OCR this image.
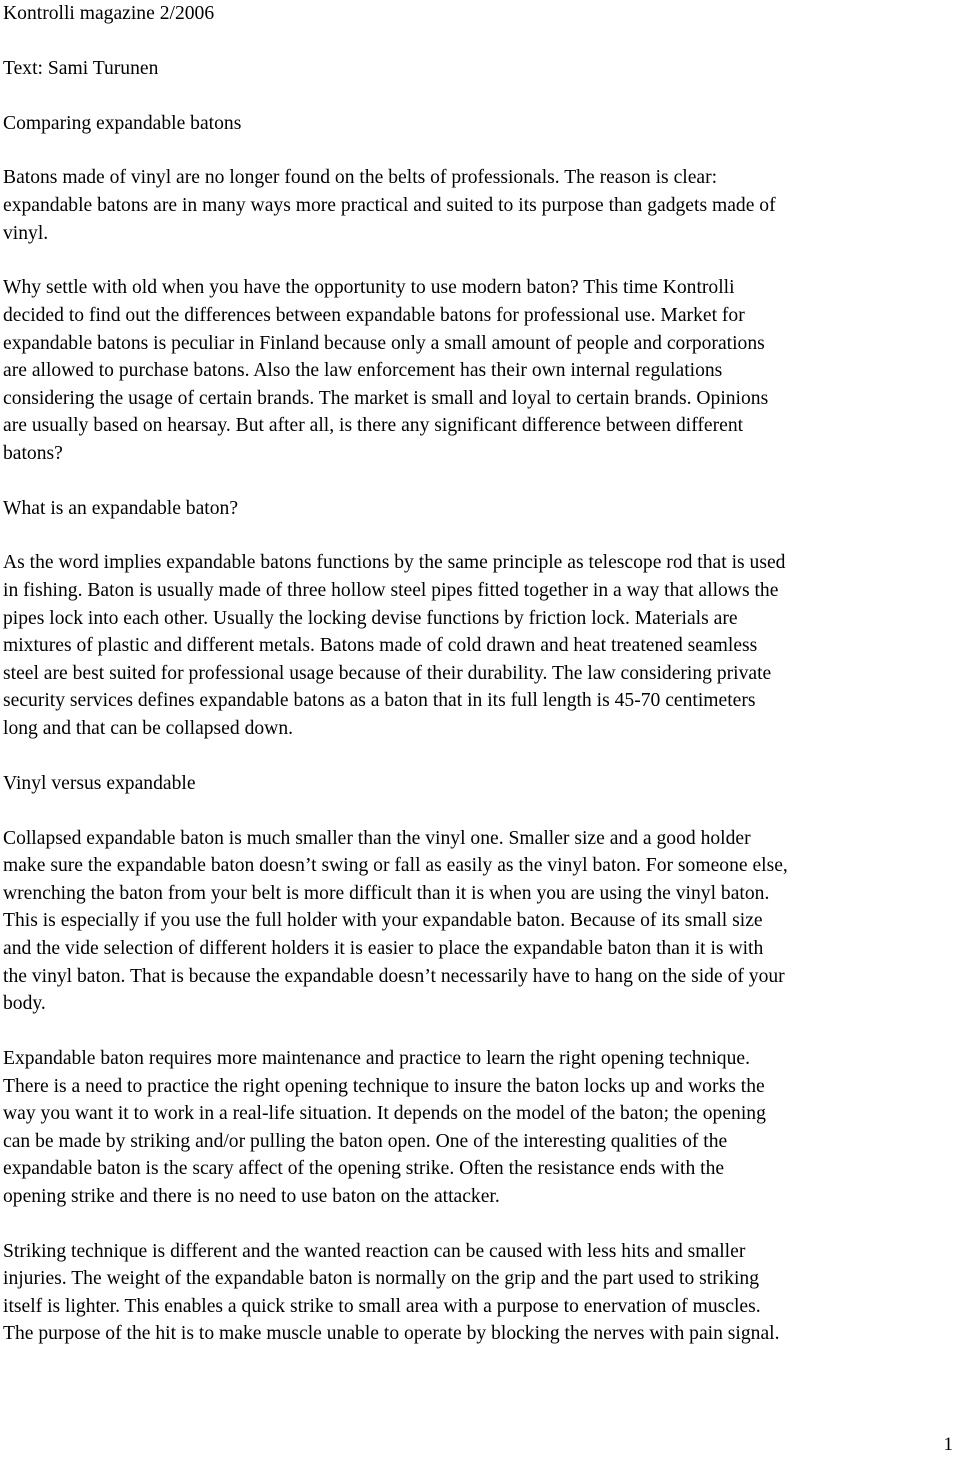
Kontrolli magazine 2/2006

Text: Sami Turunen

Comparing expandable batons

Batons made of vinyl are no longer found on the belts of professionals. The reason is clear:
expandable batons are in many ways more practical and suited to its purpose than gadgets made of
vinyl.

Why settle with old when you have the opportunity to use modern baton? This time Kontrolli
decided to find out the differences between expandable batons for professional use. Market for
expandable batons is peculiar in Finland because only a small amount of people and corporations
are allowed to purchase batons. Also the law enforcement has their own internal regulations
considering the usage of certain brands. The market is small and loyal to certain brands. Opinions
are usually based on hearsay. But after all, is there any significant difference between different
batons?

What is an expandable baton?

As the word implies expandable batons functions by the same principle as telescope rod that is used
in fishing. Baton is usually made of three hollow steel pipes fitted together in a way that allows the
pipes lock into each other. Usually the locking devise functions by friction lock. Materials are
mixtures of plastic and different metals. Batons made of cold drawn and heat treatened seamless
steel are best suited for professional usage because of their durability. The law considering private
security services defines expandable batons as a baton that in its full length is 45-70 centimeters
long and that can be collapsed down.

Vinyl versus expandable

Collapsed expandable baton is much smaller than the vinyl one. Smaller size and a good holder
make sure the expandable baton doesn’t swing or fall as easily as the vinyl baton. For someone else,
wrenching the baton from your belt is more difficult than it is when you are using the vinyl baton.
This is especially if you use the full holder with your expandable baton. Because of its small size
and the vide selection of different holders it is easier to place the expandable baton than it is with
the vinyl baton. That is because the expandable doesn’t necessarily have to hang on the side of your
body.

Expandable baton requires more maintenance and practice to learn the right opening technique.
There is a need to practice the right opening technique to insure the baton locks up and works the
way you want it to work in a real-life situation. It depends on the model of the baton; the opening
can be made by striking and/or pulling the baton open. One of the interesting qualities of the
expandable baton is the scary affect of the opening strike. Often the resistance ends with the
opening strike and there is no need to use baton on the attacker.

Striking technique is different and the wanted reaction can be caused with less hits and smaller
injuries. The weight of the expandable baton is normally on the grip and the part used to striking
itself is lighter. This enables a quick strike to small area with a purpose to enervation of muscles.
The purpose of the hit is to make muscle unable to operate by blocking the nerves with pain signal.

1
